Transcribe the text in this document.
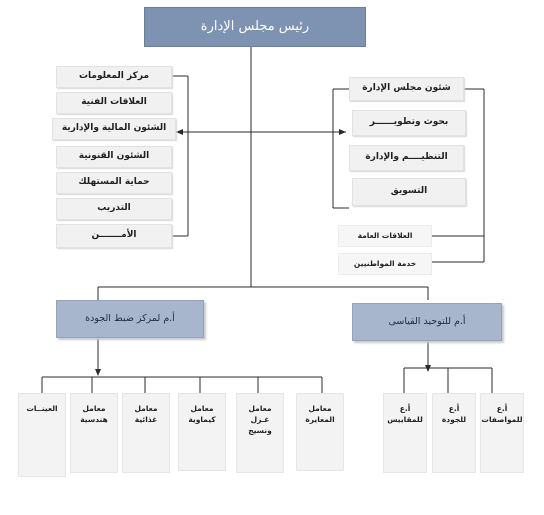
رئيس مجلس الإدارة
مركز المعلومات
العلاقات الفنية
الشئون المالية والإدارية
الشئون القنونية
حماية المستهلك
التدريب
الأمـــــــن
شئون مجلس الإدارة
بحوث وتطويــــــر
التنظيــــم والإدارة
التسويق
العلاقات العامة
خدمة المواطنيين
أ.م لمركز ضبط الجودة	أ.م للتوحيد القياسى
العينــات	معامل
هندسية
معامل
غذائية
معامل
كيماوية
معامل
غـزل
ونسيج
معامل
المعايرة
أ.ع
للمقاييس
أ.ع
للجودة
أ.ع
للمواصفات
